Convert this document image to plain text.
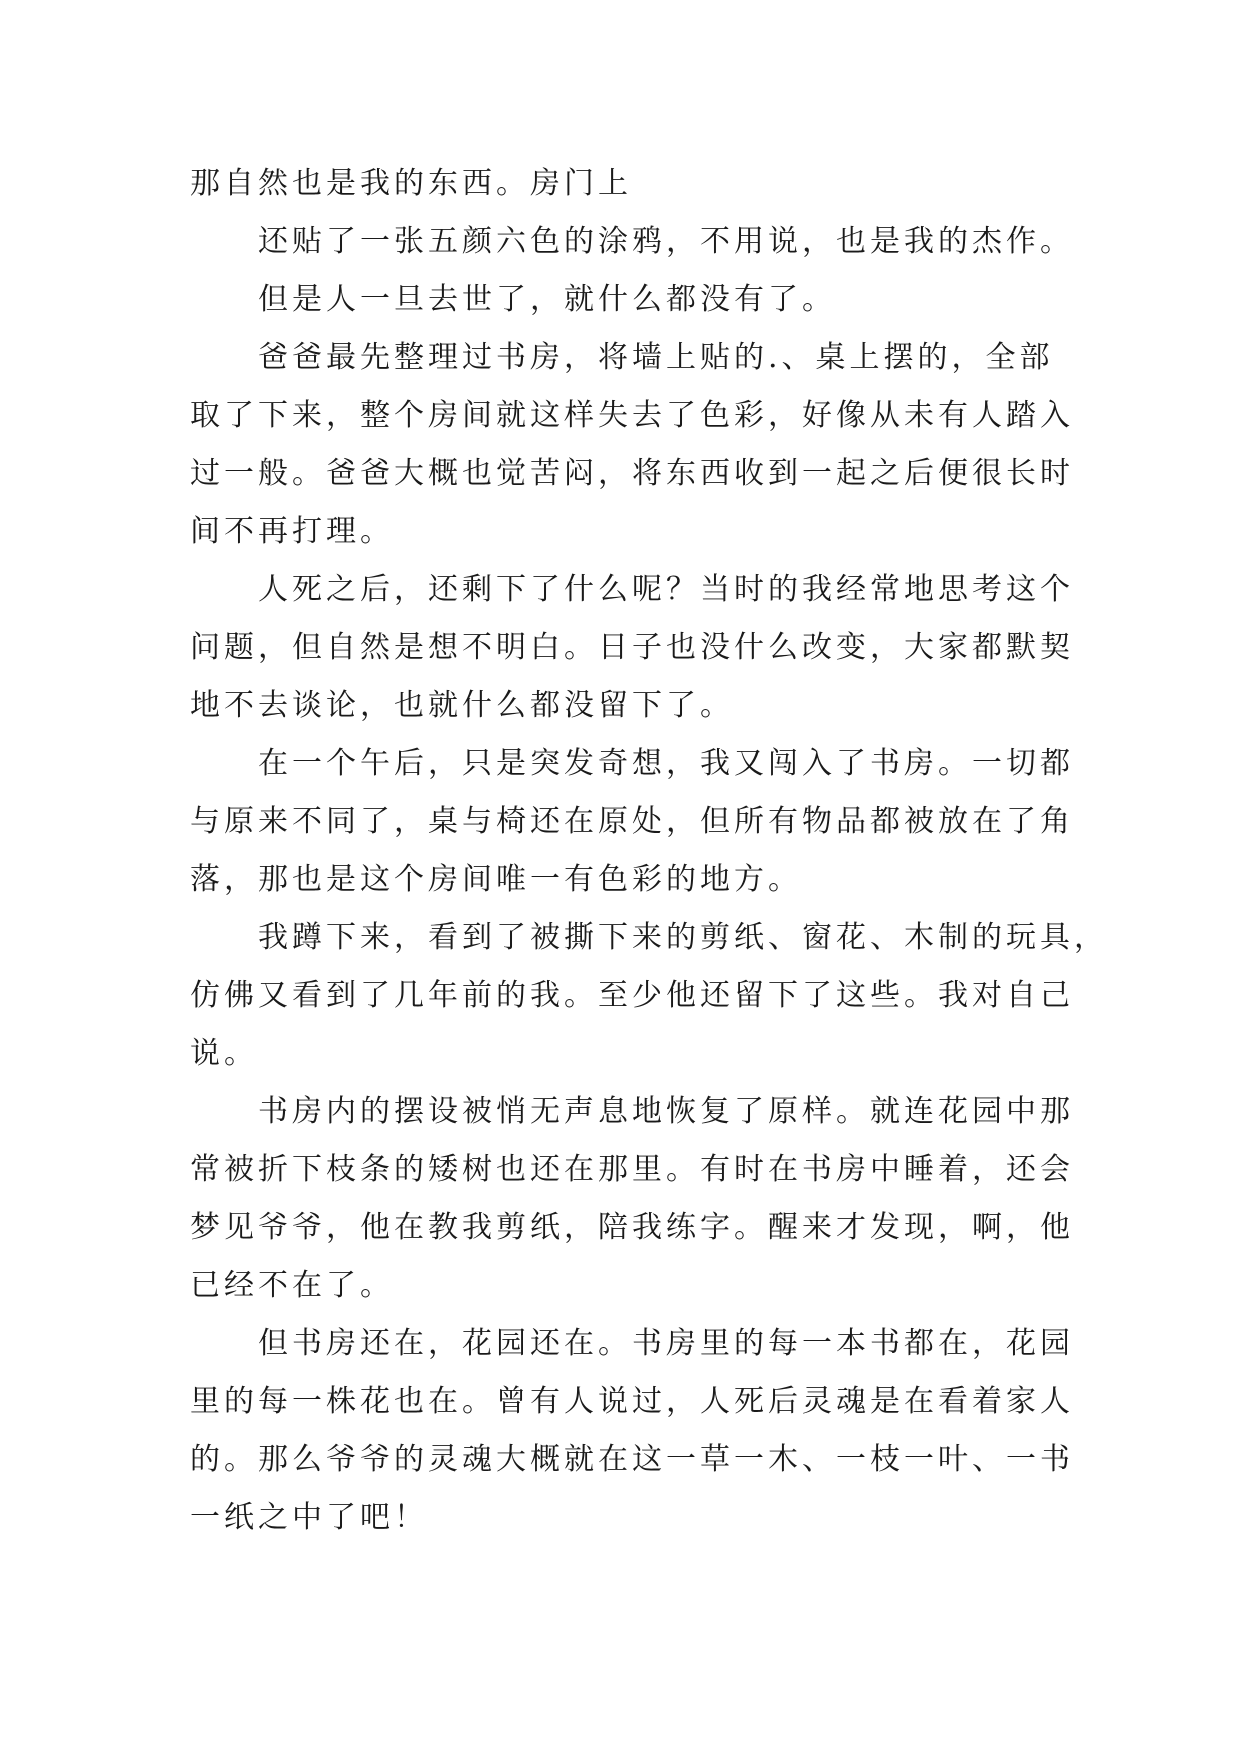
那自然也是我的东西。房门上
还贴了一张五颜六色的涂鸦，不用说，也是我的杰作。
但是人一旦去世了，就什么都没有了。
爸爸最先整理过书房，将墙上贴的.、桌上摆的，全部
取了下来，整个房间就这样失去了色彩，好像从未有人踏入
过一般。爸爸大概也觉苦闷，将东西收到一起之后便很长时
间不再打理。
人死之后，还剩下了什么呢？当时的我经常地思考这个
问题，但自然是想不明白。日子也没什么改变，大家都默契
地不去谈论，也就什么都没留下了。
在一个午后，只是突发奇想，我又闯入了书房。一切都
与原来不同了，桌与椅还在原处，但所有物品都被放在了角
落，那也是这个房间唯一有色彩的地方。
我蹲下来，看到了被撕下来的剪纸、窗花、木制的玩具，
仿佛又看到了几年前的我。至少他还留下了这些。我对自己
说。
书房内的摆设被悄无声息地恢复了原样。就连花园中那
常被折下枝条的矮树也还在那里。有时在书房中睡着，还会
梦见爷爷，他在教我剪纸，陪我练字。醒来才发现，啊，他
已经不在了。
但书房还在，花园还在。书房里的每一本书都在，花园
里的每一株花也在。曾有人说过，人死后灵魂是在看着家人
的。那么爷爷的灵魂大概就在这一草一木、一枝一叶、一书
一纸之中了吧！
